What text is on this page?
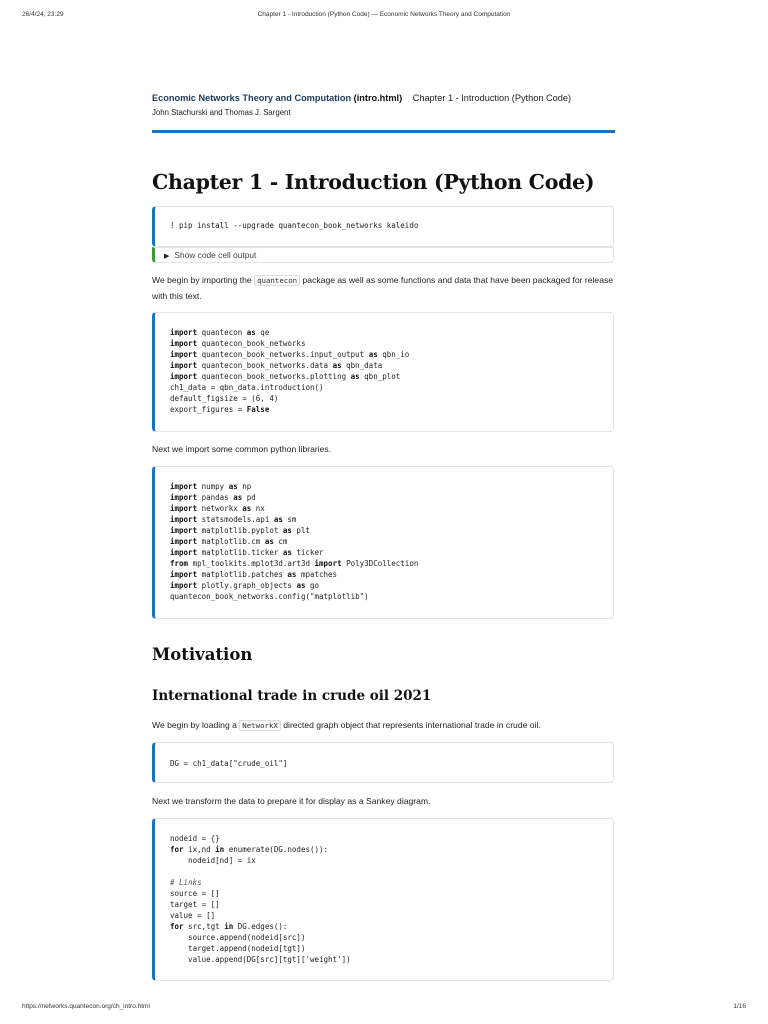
26/4/24, 23:29	Chapter 1 - Introduction (Python Code) — Economic Networks Theory and Computation
Economic Networks Theory and Computation (intro.html) Chapter 1 - Introduction (Python Code)
John Stachurski and Thomas J. Sargent
Chapter 1 - Introduction (Python Code)
! pip install --upgrade quantecon_book_networks kaleido
▶ Show code cell output

We begin by importing the quantecon package as well as some functions and data that have been packaged for release with this text.

import quantecon as qe
import quantecon_book_networks
import quantecon_book_networks.input_output as qbn_io
import quantecon_book_networks.data as qbn_data
import quantecon_book_networks.plotting as qbn_plot
ch1_data = qbn_data.introduction()
default_figsize = (6, 4)
export_figures = False

Next we import some common python libraries.

import numpy as np
import pandas as pd
import networkx as nx
import statsmodels.api as sm
import matplotlib.pyplot as plt
import matplotlib.cm as cm
import matplotlib.ticker as ticker
from mpl_toolkits.mplot3d.art3d import Poly3DCollection
import matplotlib.patches as mpatches
import plotly.graph_objects as go
quantecon_book_networks.config("matplotlib")
Motivation
International trade in crude oil 2021

We begin by loading a NetworkX directed graph object that represents international trade in crude oil.

DG = ch1_data["crude_oil"]

Next we transform the data to prepare it for display as a Sankey diagram.

nodeid = {}
for ix,nd in enumerate(DG.nodes()):
nodeid[nd] = ix

# Links
source = []
target = []
value = []
for src,tgt in DG.edges():
source.append(nodeid[src])
target.append(nodeid[tgt])
value.append(DG[src][tgt]['weight'])
https://networks.quantecon.org/ch_intro.html	1/16
